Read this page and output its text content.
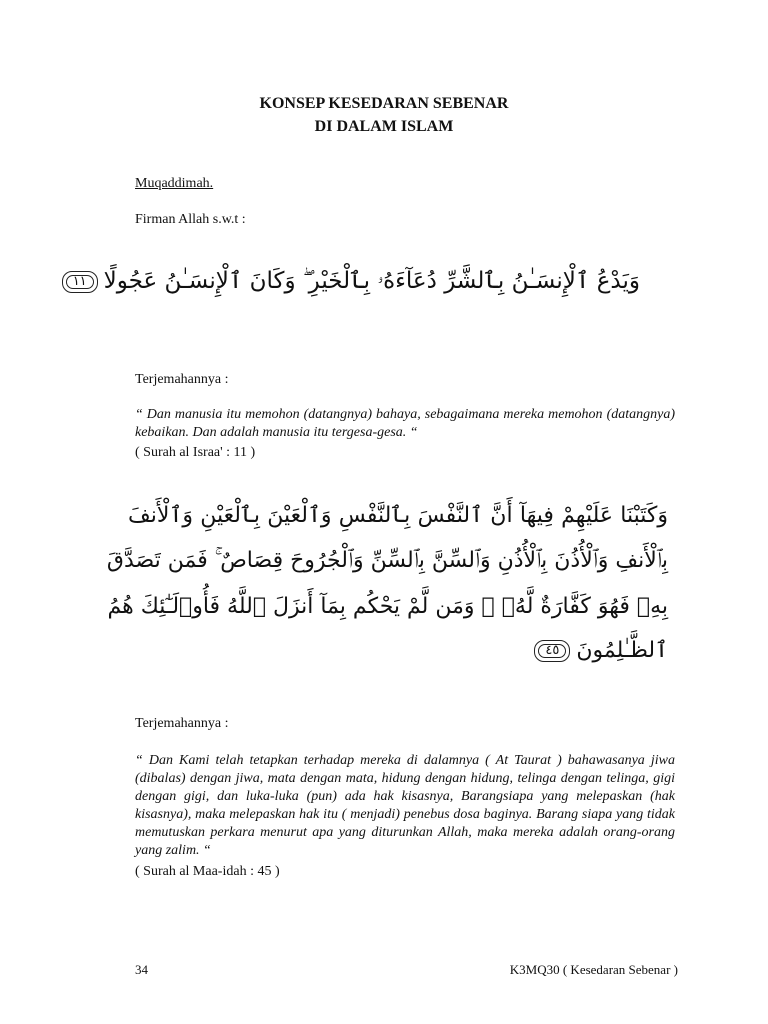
KONSEP KESEDARAN SEBENAR
DI DALAM ISLAM
Muqaddimah.
Firman Allah s.w.t :
وَيَدْعُ ٱلْإِنسَـٰنُ بِٱلشَّرِّ دُعَآءَهُۥ بِٱلْخَيْرِ ۖ وَكَانَ ٱلْإِنسَـٰنُ عَجُولًا١١
Terjemahannya :
“ Dan manusia itu memohon (datangnya) bahaya, sebagaimana mereka memohon (datangnya) kebaikan. Dan adalah manusia itu tergesa-gesa. “
( Surah al Israa' : 11 )
وَكَتَبْنَا عَلَيْهِمْ فِيهَآ أَنَّ ٱلنَّفْسَ بِٱلنَّفْسِ وَٱلْعَيْنَ بِٱلْعَيْنِ وَٱلْأَنفَ
بِٱلْأَنفِ وَٱلْأُذُنَ بِٱلْأُذُنِ وَٱلسِّنَّ بِٱلسِّنِّ وَٱلْجُرُوحَ قِصَاصٌ ۚ فَمَن تَصَدَّقَ
بِهِۦ فَهُوَ كَفَّارَةٌ لَّهُۥ ۚ وَمَن لَّمْ يَحْكُم بِمَآ أَنزَلَ ٱللَّهُ فَأُو۟لَـٰٓئِكَ هُمُ
ٱلظَّـٰلِمُونَ٤٥
Terjemahannya :
“ Dan Kami telah tetapkan terhadap mereka di dalamnya ( At Taurat ) bahawasanya jiwa (dibalas) dengan jiwa, mata dengan mata, hidung dengan hidung, telinga dengan telinga, gigi dengan gigi, dan luka-luka (pun) ada hak kisasnya, Barangsiapa yang melepaskan (hak kisasnya), maka melepaskan hak itu ( menjadi) penebus dosa baginya. Barang siapa yang tidak memutuskan perkara menurut apa yang diturunkan Allah, maka mereka adalah orang-orang yang zalim. “
( Surah al Maa-idah : 45 )
34	K3MQ30 ( Kesedaran Sebenar )
